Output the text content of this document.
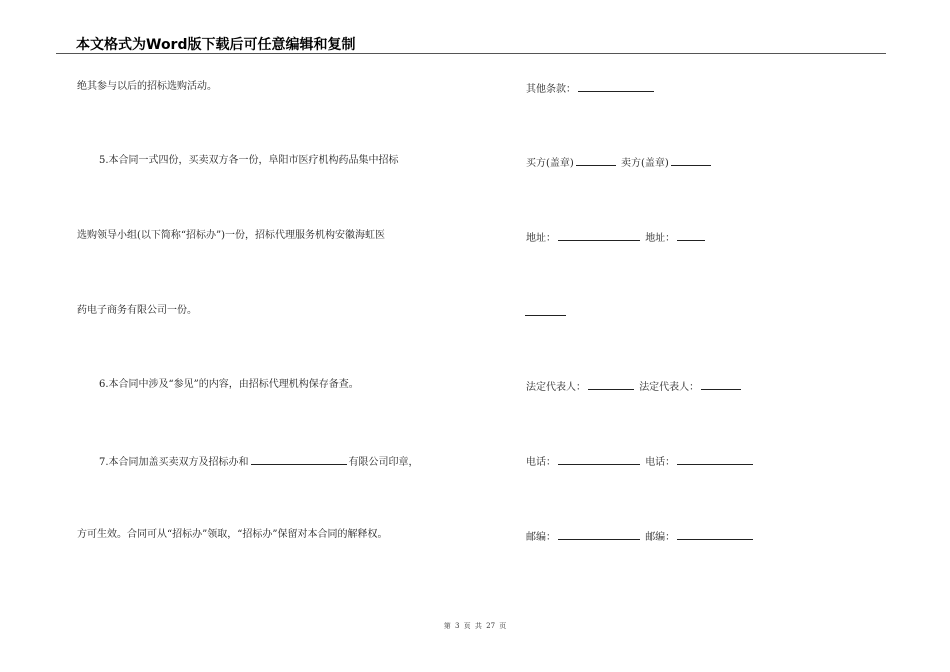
本文格式为Word版下载后可任意编辑和复制
绝其参与以后的招标选购活动。
5.本合同一式四份，买卖双方各一份，阜阳市医疗机构药品集中招标
选购领导小组(以下简称“招标办”)一份，招标代理服务机构安徽海虹医
药电子商务有限公司一份。
6.本合同中涉及“参见”的内容，由招标代理机构保存备查。
7.本合同加盖买卖双方及招标办和	有限公司印章，
方可生效。合同可从“招标办”领取，“招标办”保留对本合同的解释权。
其他条款：
买方(盖章)	卖方(盖章)
地址：	地址：
法定代表人：	法定代表人：
电话：	电话：
邮编：	邮编：
第 3 页 共 27 页
